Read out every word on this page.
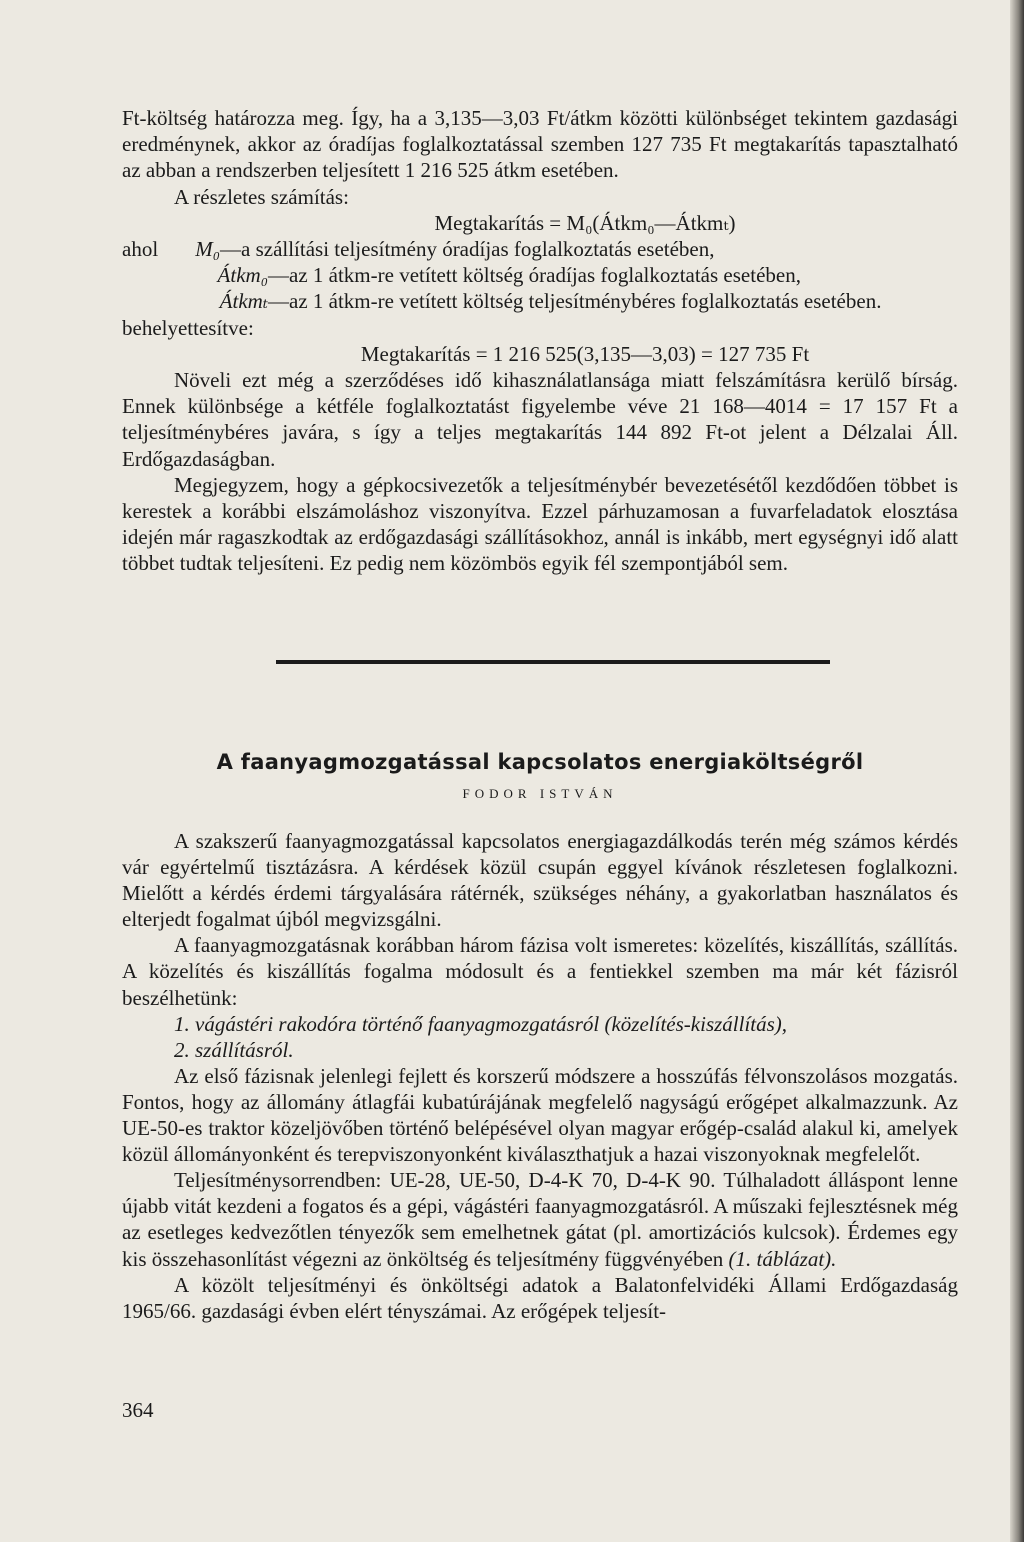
Ft-költség határozza meg. Így, ha a 3,135—3,03 Ft/átkm közötti különbséget tekintem gazdasági eredménynek, akkor az óradíjas foglalkoztatással szemben 127 735 Ft megtakarítás tapasztalható az abban a rendszerben teljesített 1 216 525 átkm esetében.

A részletes számítás:

Megtakarítás = M₀(Átkm₀—Átkmₜ)

ahol	M₀ —a szállítási teljesítmény óradíjas foglalkoztatás esetében,
Átkm₀ —az 1 átkm-re vetített költség óradíjas foglalkoztatás esetében,
Átkmₜ —az 1 átkm-re vetített költség teljesítménybéres foglalkoztatás esetében.

behelyettesítve:

Megtakarítás = 1 216 525(3,135—3,03) = 127 735 Ft

Növeli ezt még a szerződéses idő kihasználatlansága miatt felszámításra kerülő bírság. Ennek különbsége a kétféle foglalkoztatást figyelembe véve 21 168—4014 = 17 157 Ft a teljesítménybéres javára, s így a teljes megtakarítás 144 892 Ft-ot jelent a Délzalai Áll. Erdőgazdaságban.

Megjegyzem, hogy a gépkocsivezetők a teljesítménybér bevezetésétől kezdődően többet is kerestek a korábbi elszámoláshoz viszonyítva. Ezzel párhuzamosan a fuvarfeladatok elosztása idején már ragaszkodtak az erdőgazdasági szállításokhoz, annál is inkább, mert egységnyi idő alatt többet tudtak teljesíteni. Ez pedig nem közömbös egyik fél szempontjából sem.

A faanyagmozgatással kapcsolatos energiaköltségről
FODOR ISTVÁN

A szakszerű faanyagmozgatással kapcsolatos energiagazdálkodás terén még számos kérdés vár egyértelmű tisztázásra. A kérdések közül csupán eggyel kívánok részletesen foglalkozni. Mielőtt a kérdés érdemi tárgyalására rátérnék, szükséges néhány, a gyakorlatban használatos és elterjedt fogalmat újból megvizsgálni.

A faanyagmozgatásnak korábban három fázisa volt ismeretes: közelítés, kiszállítás, szállítás. A közelítés és kiszállítás fogalma módosult és a fentiekkel szemben ma már két fázisról beszélhetünk:

1. vágástéri rakodóra történő faanyagmozgatásról (közelítés-kiszállítás),

2. szállításról.

Az első fázisnak jelenlegi fejlett és korszerű módszere a hosszúfás félvonszolásos mozgatás. Fontos, hogy az állomány átlagfái kubatúrájának megfelelő nagyságú erőgépet alkalmazzunk. Az UE-50-es traktor közeljövőben történő belépésével olyan magyar erőgép-család alakul ki, amelyek közül állományonként és terepviszonyonként kiválaszthatjuk a hazai viszonyoknak megfelelőt.

Teljesítménysorrendben: UE-28, UE-50, D-4-K 70, D-4-K 90. Túlhaladott álláspont lenne újabb vitát kezdeni a fogatos és a gépi, vágástéri faanyagmozgatásról. A műszaki fejlesztésnek még az esetleges kedvezőtlen tényezők sem emelhetnek gátat (pl. amortizációs kulcsok). Érdemes egy kis összehasonlítást végezni az önköltség és teljesítmény függvényében (1. táblázat).

A közölt teljesítményi és önköltségi adatok a Balatonfelvidéki Állami Erdőgazdaság 1965/66. gazdasági évben elért tényszámai. Az erőgépek teljesít-

364
